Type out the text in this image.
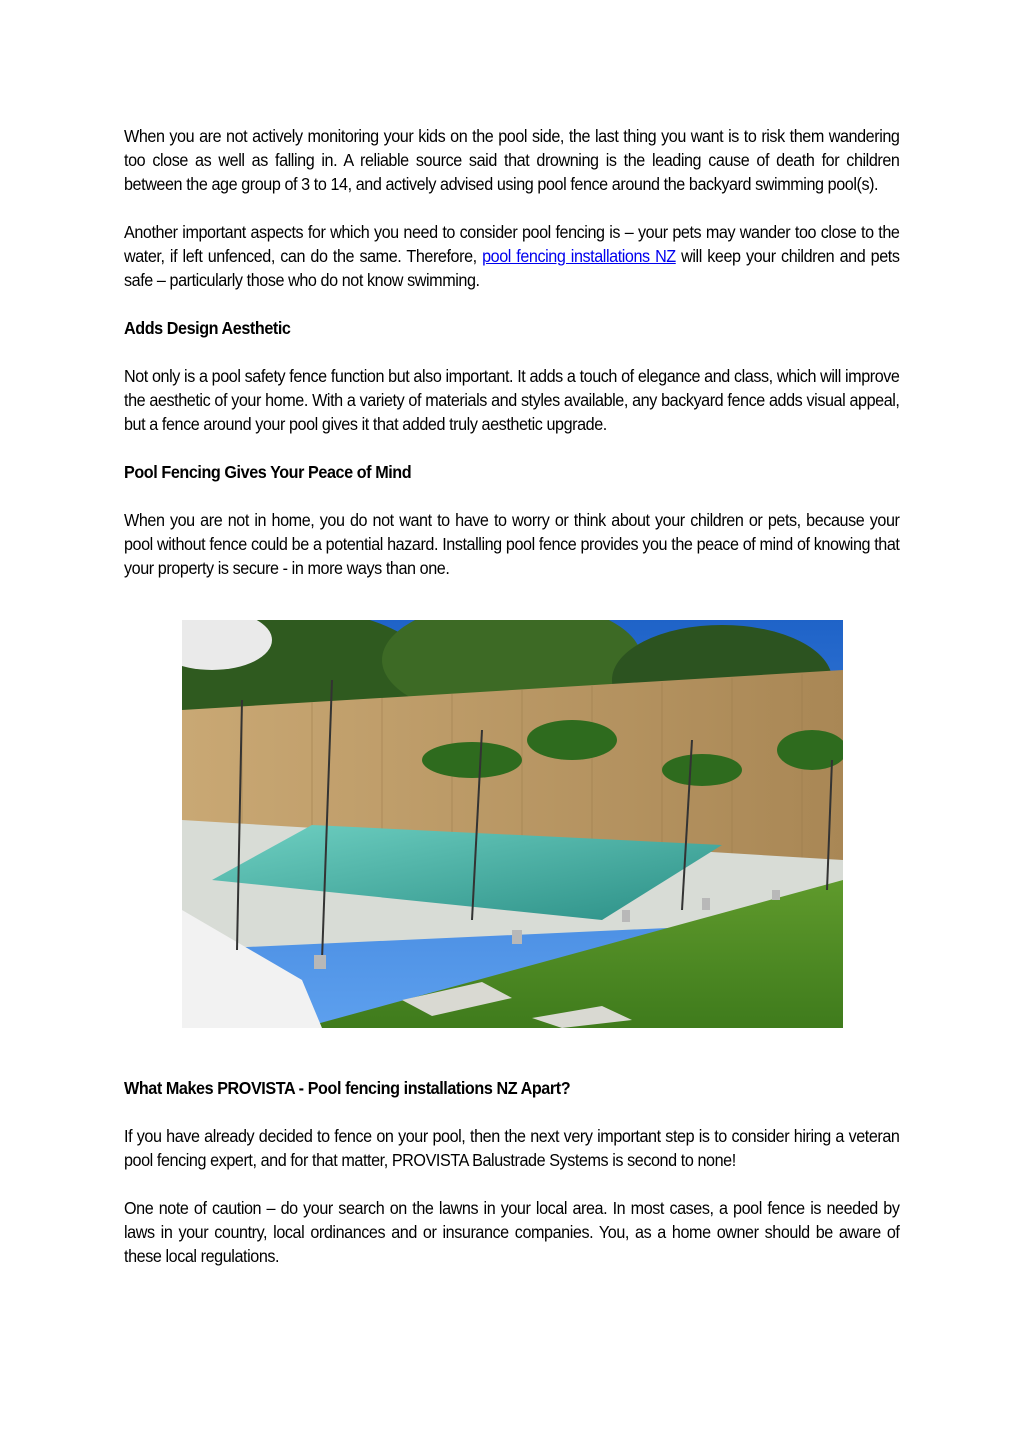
When you are not actively monitoring your kids on the pool side, the last thing you want is to risk them wandering too close as well as falling in. A reliable source said that drowning is the leading cause of death for children between the age group of 3 to 14, and actively advised using pool fence around the backyard swimming pool(s).

Another important aspects for which you need to consider pool fencing is – your pets may wander too close to the water, if left unfenced, can do the same. Therefore, pool fencing installations NZ will keep your children and pets safe – particularly those who do not know swimming.

Adds Design Aesthetic

Not only is a pool safety fence function but also important. It adds a touch of elegance and class, which will improve the aesthetic of your home. With a variety of materials and styles available, any backyard fence adds visual appeal, but a fence around your pool gives it that added truly aesthetic upgrade.

Pool Fencing Gives Your Peace of Mind

When you are not in home, you do not want to have to worry or think about your children or pets, because your pool without fence could be a potential hazard. Installing pool fence provides you the peace of mind of knowing that your property is secure - in more ways than one.

What Makes PROVISTA - Pool fencing installations NZ Apart?

If you have already decided to fence on your pool, then the next very important step is to consider hiring a veteran pool fencing expert, and for that matter, PROVISTA Balustrade Systems is second to none!

One note of caution – do your search on the lawns in your local area. In most cases, a pool fence is needed by laws in your country, local ordinances and or insurance companies. You, as a home owner should be aware of these local regulations.
